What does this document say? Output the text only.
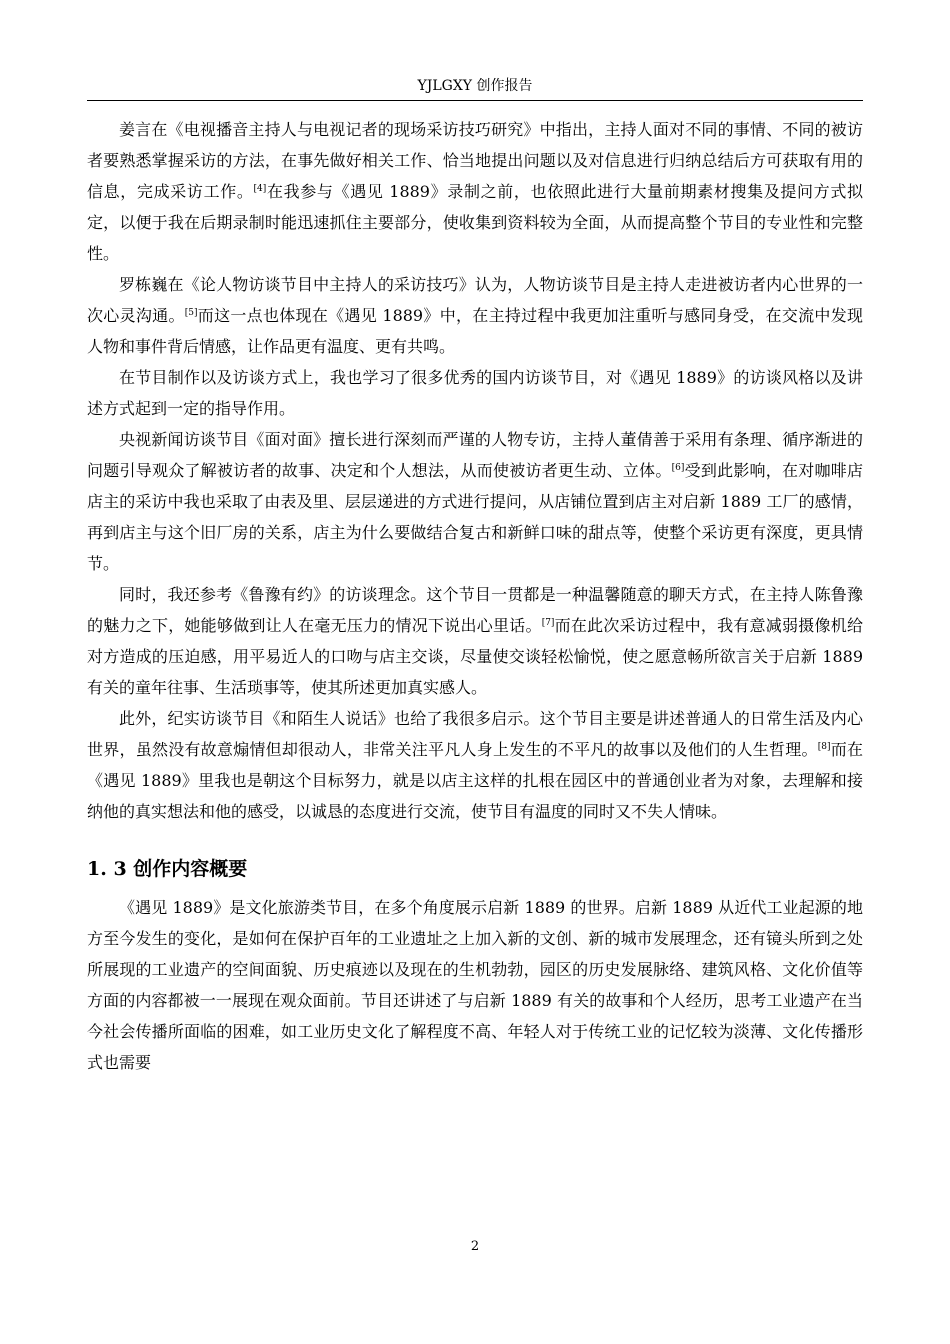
YJLGXY 创作报告

姜言在《电视播音主持人与电视记者的现场采访技巧研究》中指出，主持人面对不同的事情、不同的被访者要熟悉掌握采访的方法，在事先做好相关工作、恰当地提出问题以及对信息进行归纳总结后方可获取有用的信息，完成采访工作。[4]在我参与《遇见 1889》录制之前，也依照此进行大量前期素材搜集及提问方式拟定，以便于我在后期录制时能迅速抓住主要部分，使收集到资料较为全面，从而提高整个节目的专业性和完整性。

罗栋巍在《论人物访谈节目中主持人的采访技巧》认为，人物访谈节目是主持人走进被访者内心世界的一次心灵沟通。[5]而这一点也体现在《遇见 1889》中，在主持过程中我更加注重听与感同身受，在交流中发现人物和事件背后情感，让作品更有温度、更有共鸣。

在节目制作以及访谈方式上，我也学习了很多优秀的国内访谈节目，对《遇见 1889》的访谈风格以及讲述方式起到一定的指导作用。

央视新闻访谈节目《面对面》擅长进行深刻而严谨的人物专访，主持人董倩善于采用有条理、循序渐进的问题引导观众了解被访者的故事、决定和个人想法，从而使被访者更生动、立体。[6]受到此影响，在对咖啡店店主的采访中我也采取了由表及里、层层递进的方式进行提问，从店铺位置到店主对启新 1889 工厂的感情，再到店主与这个旧厂房的关系，店主为什么要做结合复古和新鲜口味的甜点等，使整个采访更有深度，更具情节。

同时，我还参考《鲁豫有约》的访谈理念。这个节目一贯都是一种温馨随意的聊天方式，在主持人陈鲁豫的魅力之下，她能够做到让人在毫无压力的情况下说出心里话。[7]而在此次采访过程中，我有意减弱摄像机给对方造成的压迫感，用平易近人的口吻与店主交谈，尽量使交谈轻松愉悦，使之愿意畅所欲言关于启新 1889 有关的童年往事、生活琐事等，使其所述更加真实感人。

此外，纪实访谈节目《和陌生人说话》也给了我很多启示。这个节目主要是讲述普通人的日常生活及内心世界，虽然没有故意煽情但却很动人，非常关注平凡人身上发生的不平凡的故事以及他们的人生哲理。[8]而在《遇见 1889》里我也是朝这个目标努力，就是以店主这样的扎根在园区中的普通创业者为对象，去理解和接纳他的真实想法和他的感受，以诚恳的态度进行交流，使节目有温度的同时又不失人情味。

1. 3 创作内容概要

《遇见 1889》是文化旅游类节目，在多个角度展示启新 1889 的世界。启新 1889 从近代工业起源的地方至今发生的变化，是如何在保护百年的工业遗址之上加入新的文创、新的城市发展理念，还有镜头所到之处所展现的工业遗产的空间面貌、历史痕迹以及现在的生机勃勃，园区的历史发展脉络、建筑风格、文化价值等方面的内容都被一一展现在观众面前。节目还讲述了与启新 1889 有关的故事和个人经历，思考工业遗产在当今社会传播所面临的困难，如工业历史文化了解程度不高、年轻人对于传统工业的记忆较为淡薄、文化传播形式也需要

2
